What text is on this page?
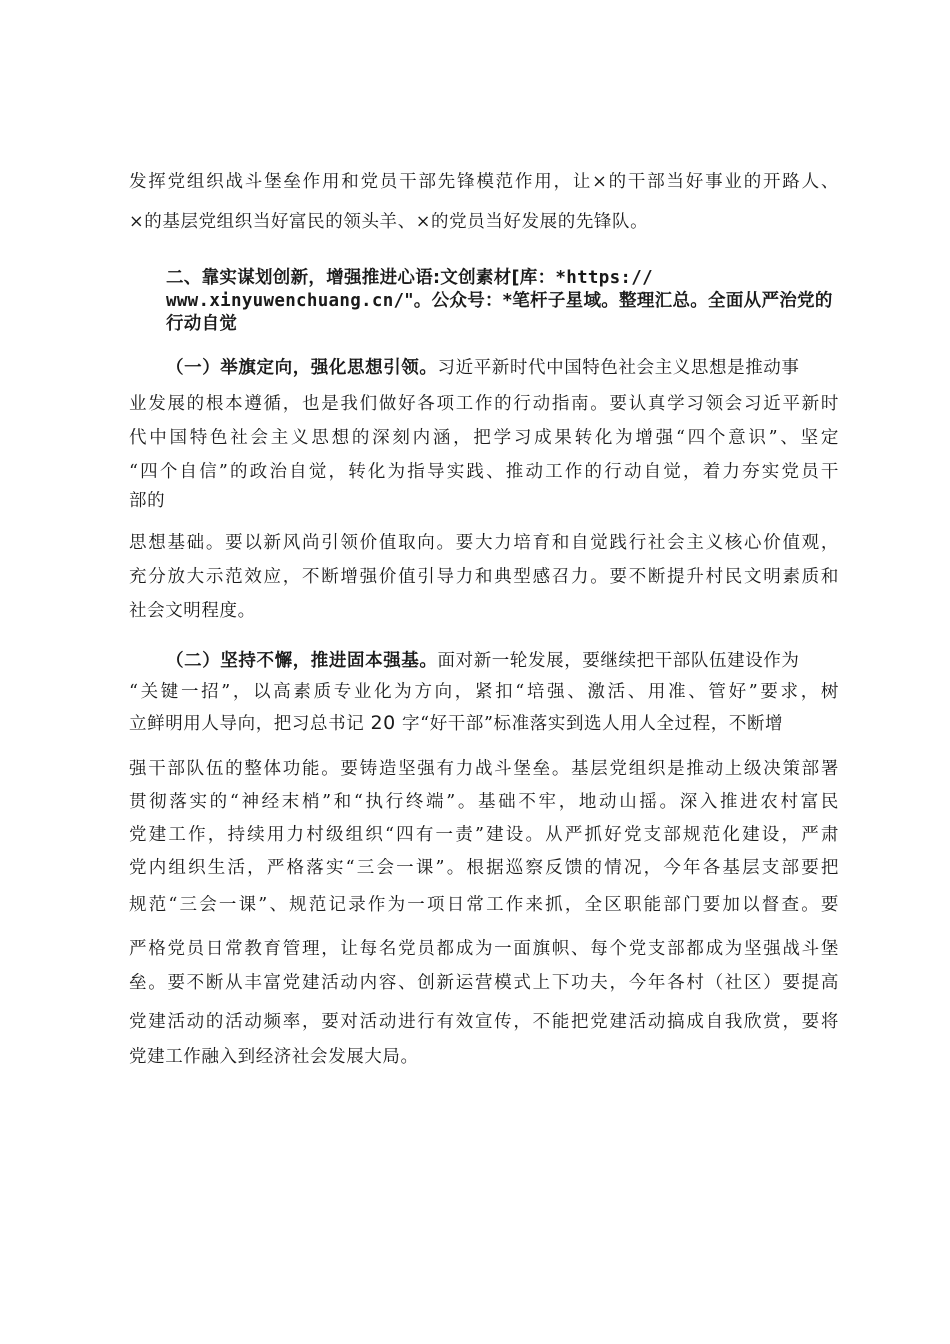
发挥党组织战斗堡垒作用和党员干部先锋模范作用，让×的干部当好事业的开路人、
×的基层党组织当好富民的领头羊、×的党员当好发展的先锋队。
二、靠实谋划创新，增强推进心语:文创素材[库：*https://
www.xinyuwenchuang.cn/"。公众号：*笔杆子星域。整理汇总。全面从严治党的
行动自觉
（一）举旗定向，强化思想引领。习近平新时代中国特色社会主义思想是推动事
业发展的根本遵循，也是我们做好各项工作的行动指南。要认真学习领会习近平新时
代中国特色社会主义思想的深刻内涵，把学习成果转化为增强“四个意识”、坚定
“四个自信”的政治自觉，转化为指导实践、推动工作的行动自觉，着力夯实党员干
部的
思想基础。要以新风尚引领价值取向。要大力培育和自觉践行社会主义核心价值观，
充分放大示范效应，不断增强价值引导力和典型感召力。要不断提升村民文明素质和
社会文明程度。
（二）坚持不懈，推进固本强基。面对新一轮发展，要继续把干部队伍建设作为
“关键一招”，以高素质专业化为方向，紧扣“培强、激活、用准、管好”要求，树
立鲜明用人导向，把习总书记 20 字“好干部”标准落实到选人用人全过程，不断增
强干部队伍的整体功能。要铸造坚强有力战斗堡垒。基层党组织是推动上级决策部署
贯彻落实的“神经末梢”和“执行终端”。基础不牢，地动山摇。深入推进农村富民
党建工作，持续用力村级组织“四有一责”建设。从严抓好党支部规范化建设，严肃
党内组织生活，严格落实“三会一课”。根据巡察反馈的情况，今年各基层支部要把
规范“三会一课”、规范记录作为一项日常工作来抓，全区职能部门要加以督查。要
严格党员日常教育管理，让每名党员都成为一面旗帜、每个党支部都成为坚强战斗堡
垒。要不断从丰富党建活动内容、创新运营模式上下功夫，今年各村（社区）要提高
党建活动的活动频率，要对活动进行有效宣传，不能把党建活动搞成自我欣赏，要将
党建工作融入到经济社会发展大局。
